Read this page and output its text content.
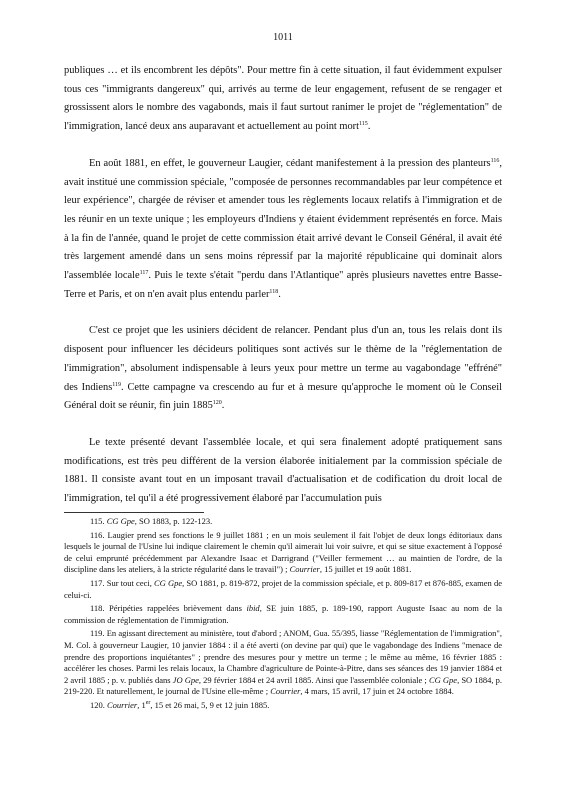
1011

publiques … et ils encombrent les dépôts". Pour mettre fin à cette situation, il faut évidemment expulser tous ces "immigrants dangereux" qui, arrivés au terme de leur engagement, refusent de se rengager et grossissent alors le nombre des vagabonds, mais il faut surtout ranimer le projet de "réglementation" de l'immigration, lancé deux ans auparavant et actuellement au point mort$^{115}$.

En août 1881, en effet, le gouverneur Laugier, cédant manifestement à la pression des planteurs$^{116}$, avait institué une commission spéciale, "composée de personnes recommandables par leur compétence et leur expérience", chargée de réviser et amender tous les règlements locaux relatifs à l'immigration et de les réunir en un texte unique ; les employeurs d'Indiens y étaient évidemment représentés en force. Mais à la fin de l'année, quand le projet de cette commission était arrivé devant le Conseil Général, il avait été très largement amendé dans un sens moins répressif par la majorité républicaine qui dominait alors l'assemblée locale$^{117}$. Puis le texte s'était "perdu dans l'Atlantique" après plusieurs navettes entre Basse-Terre et Paris, et on n'en avait plus entendu parler$^{118}$.

C'est ce projet que les usiniers décident de relancer. Pendant plus d'un an, tous les relais dont ils disposent pour influencer les décideurs politiques sont activés sur le thème de la "réglementation de l'immigration", absolument indispensable à leurs yeux pour mettre un terme au vagabondage "effréné" des Indiens$^{119}$. Cette campagne va crescendo au fur et à mesure qu'approche le moment où le Conseil Général doit se réunir, fin juin 1885$^{120}$.

Le texte présenté devant l'assemblée locale, et qui sera finalement adopté pratiquement sans modifications, est très peu différent de la version élaborée initialement par la commission spéciale de 1881. Il consiste avant tout en un imposant travail d'actualisation et de codification du droit local de l'immigration, tel qu'il a été progressivement élaboré par l'accumulation puis

115. CG Gpe, SO 1883, p. 122-123.

116. Laugier prend ses fonctions le 9 juillet 1881 ; en un mois seulement il fait l'objet de deux longs éditoriaux dans lesquels le journal de l'Usine lui indique clairement le chemin qu'il aimerait lui voir suivre, et qui se situe exactement à l'opposé de celui emprunté précédemment par Alexandre Isaac et Darrigrand ("Veiller fermement … au maintien de l'ordre, de la discipline dans les ateliers, à la stricte régularité dans le travail") ; Courrier, 15 juillet et 19 août 1881.

117. Sur tout ceci, CG Gpe, SO 1881, p. 819-872, projet de la commission spéciale, et p. 809-817 et 876-885, examen de celui-ci.

118. Péripéties rappelées brièvement dans ibid, SE juin 1885, p. 189-190, rapport Auguste Isaac au nom de la commission de réglementation de l'immigration.

119. En agissant directement au ministère, tout d'abord ; ANOM, Gua. 55/395, liasse "Réglementation de l'immigration", M. Col. à gouverneur Laugier, 10 janvier 1884 : il a été averti (on devine par qui) que le vagabondage des Indiens "menace de prendre des proportions inquiétantes" ; prendre des mesures pour y mettre un terme ; le même au même, 16 février 1885 : accélérer les choses. Parmi les relais locaux, la Chambre d'agriculture de Pointe-à-Pitre, dans ses séances des 19 janvier 1884 et 2 avril 1885 ; p. v. publiés dans JO Gpe, 29 février 1884 et 24 avril 1885. Ainsi que l'assemblée coloniale ; CG Gpe, SO 1884, p. 219-220. Et naturellement, le journal de l'Usine elle-même ; Courrier, 4 mars, 15 avril, 17 juin et 24 octobre 1884.

120. Courrier, 1er, 15 et 26 mai, 5, 9 et 12 juin 1885.
